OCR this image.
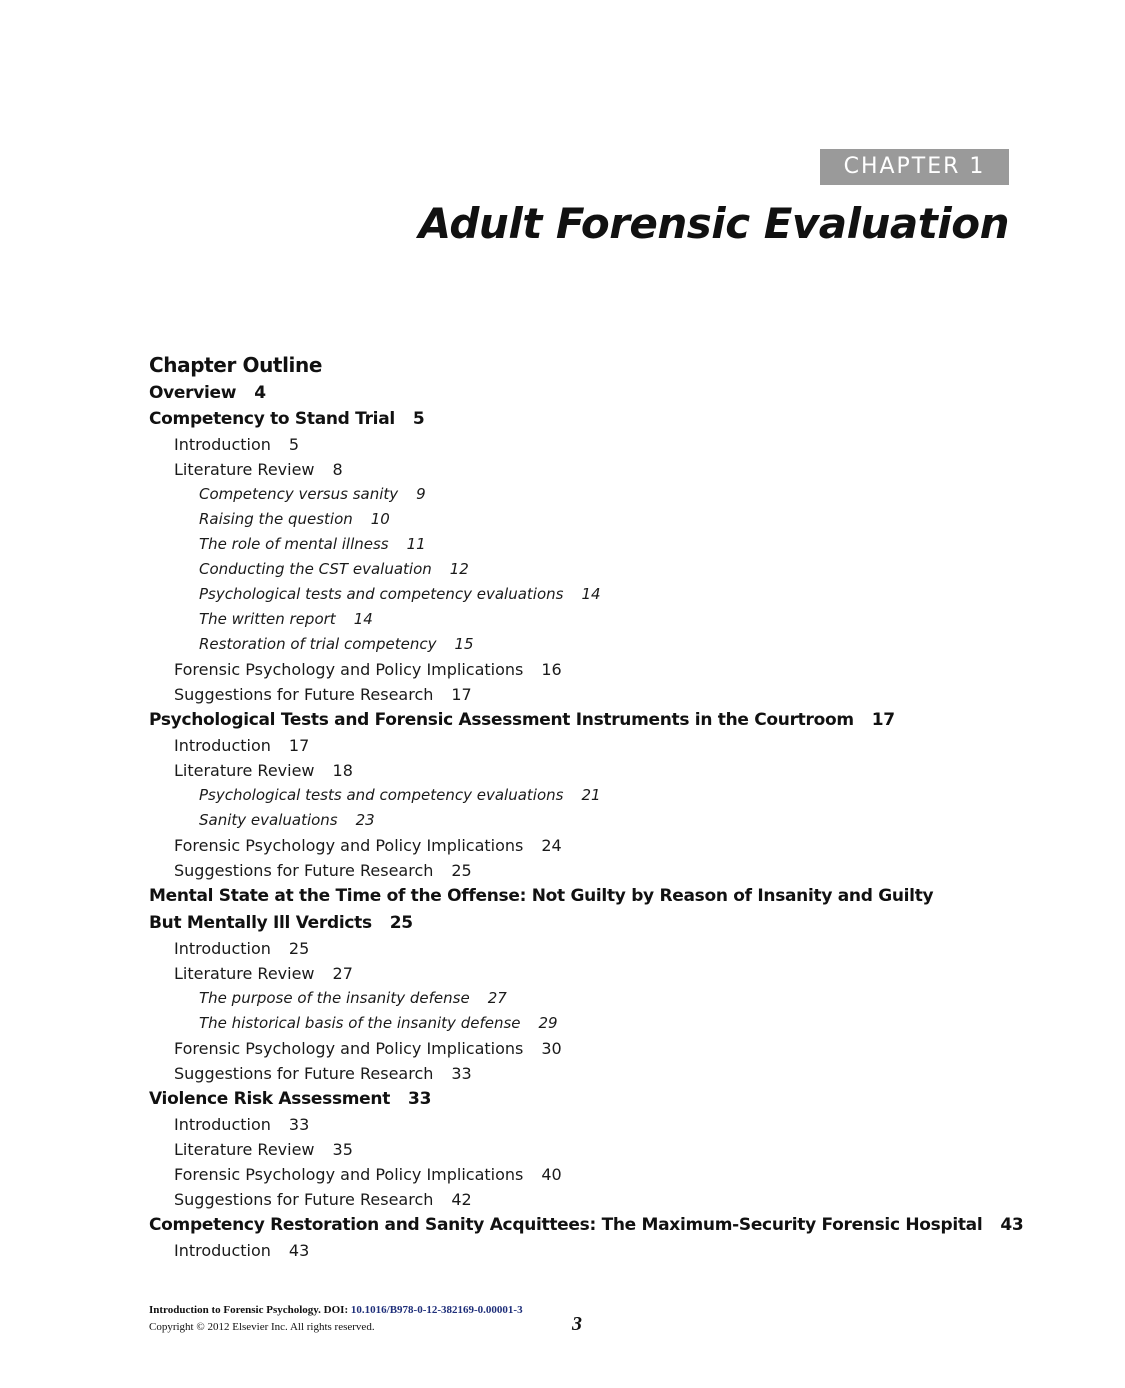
CHAPTER 1
Adult Forensic Evaluation
Chapter Outline
Overview 4
Competency to Stand Trial 5
Introduction 5
Literature Review 8
Competency versus sanity 9
Raising the question 10
The role of mental illness 11
Conducting the CST evaluation 12
Psychological tests and competency evaluations 14
The written report 14
Restoration of trial competency 15
Forensic Psychology and Policy Implications 16
Suggestions for Future Research 17
Psychological Tests and Forensic Assessment Instruments in the Courtroom 17
Introduction 17
Literature Review 18
Psychological tests and competency evaluations 21
Sanity evaluations 23
Forensic Psychology and Policy Implications 24
Suggestions for Future Research 25
Mental State at the Time of the Offense: Not Guilty by Reason of Insanity and Guilty
But Mentally Ill Verdicts 25
Introduction 25
Literature Review 27
The purpose of the insanity defense 27
The historical basis of the insanity defense 29
Forensic Psychology and Policy Implications 30
Suggestions for Future Research 33
Violence Risk Assessment 33
Introduction 33
Literature Review 35
Forensic Psychology and Policy Implications 40
Suggestions for Future Research 42
Competency Restoration and Sanity Acquittees: The Maximum-Security Forensic Hospital 43
Introduction 43
Introduction to Forensic Psychology. DOI: 10.1016/B978-0-12-382169-0.00001-3
Copyright © 2012 Elsevier Inc. All rights reserved.	3
